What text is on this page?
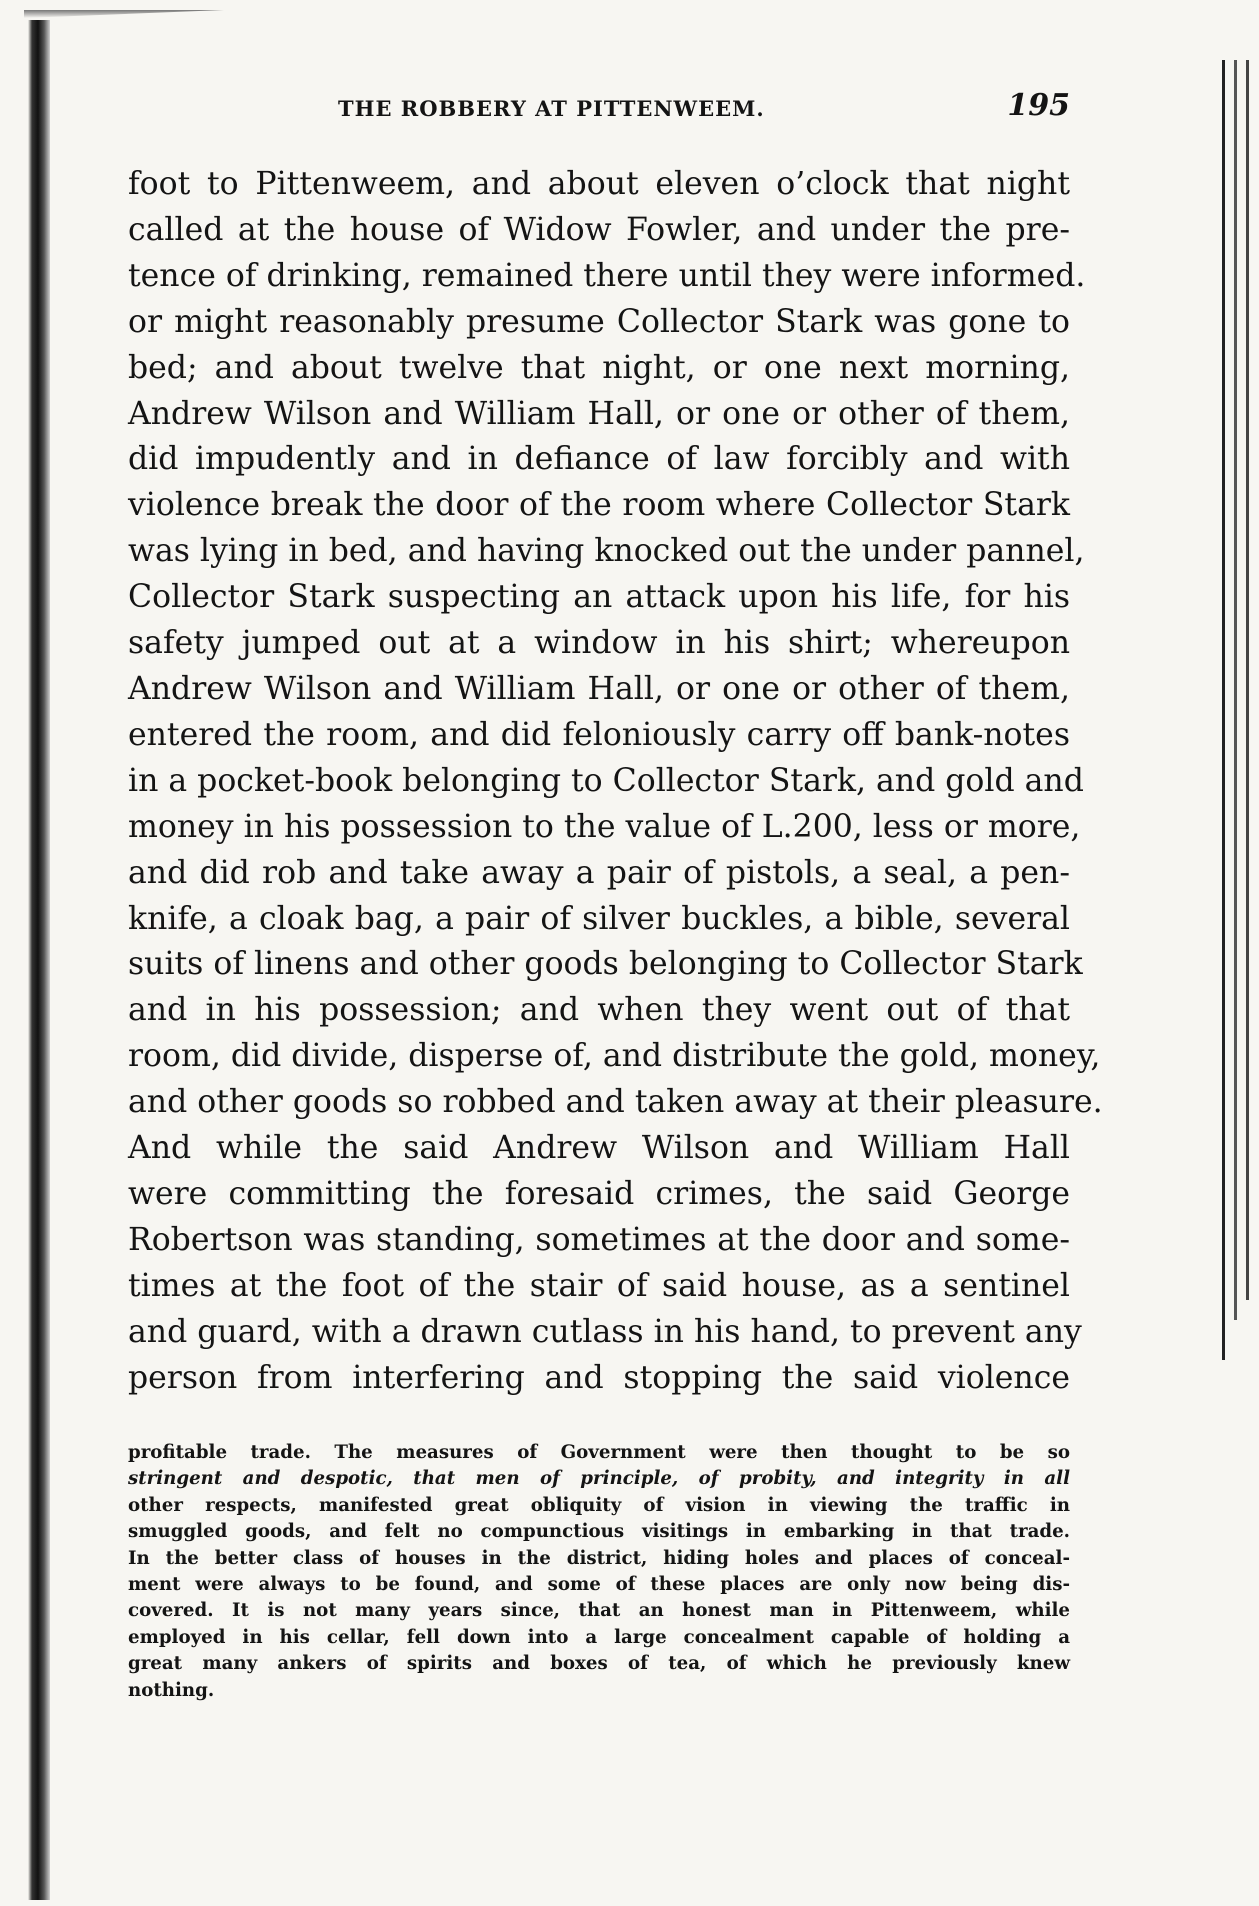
THE ROBBERY AT PITTENWEEM.	195
foot to Pittenweem, and about eleven o’clock that night
called at the house of Widow Fowler, and under the pre-
tence of drinking, remained there until they were informed.
or might reasonably presume Collector Stark was gone to
bed; and about twelve that night, or one next morning,
Andrew Wilson and William Hall, or one or other of them,
did impudently and in defiance of law forcibly and with
violence break the door of the room where Collector Stark
was lying in bed, and having knocked out the under pannel,
Collector Stark suspecting an attack upon his life, for his
safety jumped out at a window in his shirt; whereupon
Andrew Wilson and William Hall, or one or other of them,
entered the room, and did feloniously carry off bank-notes
in a pocket-book belonging to Collector Stark, and gold and
money in his possession to the value of L.200, less or more,
and did rob and take away a pair of pistols, a seal, a pen-
knife, a cloak bag, a pair of silver buckles, a bible, several
suits of linens and other goods belonging to Collector Stark
and in his possession; and when they went out of that
room, did divide, disperse of, and distribute the gold, money,
and other goods so robbed and taken away at their pleasure.
And while the said Andrew Wilson and William Hall
were committing the foresaid crimes, the said George
Robertson was standing, sometimes at the door and some-
times at the foot of the stair of said house, as a sentinel
and guard, with a drawn cutlass in his hand, to prevent any
person from interfering and stopping the said violence
profitable trade. The measures of Government were then thought to be so
stringent and despotic, that men of principle, of probity, and integrity in all
other respects, manifested great obliquity of vision in viewing the traffic in
smuggled goods, and felt no compunctious visitings in embarking in that trade.
In the better class of houses in the district, hiding holes and places of conceal-
ment were always to be found, and some of these places are only now being dis-
covered. It is not many years since, that an honest man in Pittenweem, while
employed in his cellar, fell down into a large concealment capable of holding a
great many ankers of spirits and boxes of tea, of which he previously knew
nothing.
